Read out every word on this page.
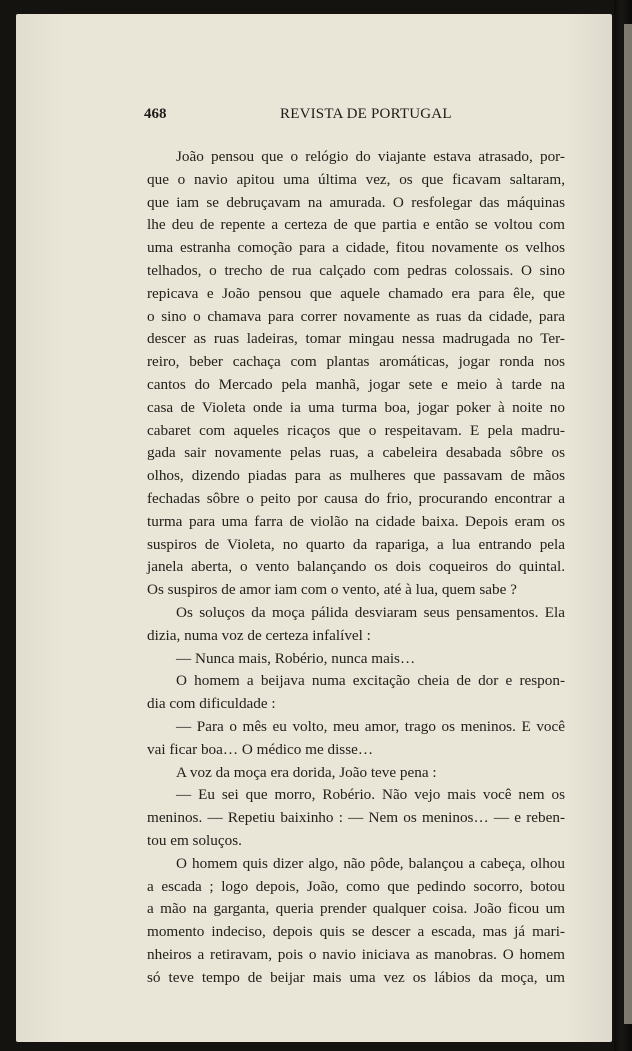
468	REVISTA DE PORTUGAL
João pensou que o relógio do viajante estava atrasado, por-
que o navio apitou uma última vez, os que ficavam saltaram,
que iam se debruçavam na amurada. O resfolegar das máquinas
lhe deu de repente a certeza de que partia e então se voltou com
uma estranha comoção para a cidade, fitou novamente os velhos
telhados, o trecho de rua calçado com pedras colossais. O sino
repicava e João pensou que aquele chamado era para êle, que
o sino o chamava para correr novamente as ruas da cidade, para
descer as ruas ladeiras, tomar mingau nessa madrugada no Ter-
reiro, beber cachaça com plantas aromáticas, jogar ronda nos
cantos do Mercado pela manhã, jogar sete e meio à tarde na
casa de Violeta onde ia uma turma boa, jogar poker à noite no
cabaret com aqueles ricaços que o respeitavam. E pela madru-
gada sair novamente pelas ruas, a cabeleira desabada sôbre os
olhos, dizendo piadas para as mulheres que passavam de mãos
fechadas sôbre o peito por causa do frio, procurando encontrar a
turma para uma farra de violão na cidade baixa. Depois eram os
suspiros de Violeta, no quarto da rapariga, a lua entrando pela
janela aberta, o vento balançando os dois coqueiros do quintal.
Os suspiros de amor iam com o vento, até à lua, quem sabe ?
Os soluços da moça pálida desviaram seus pensamentos. Ela
dizia, numa voz de certeza infalível :
— Nunca mais, Robério, nunca mais…
O homem a beijava numa excitação cheia de dor e respon-
dia com dificuldade :
— Para o mês eu volto, meu amor, trago os meninos. E você
vai ficar boa… O médico me disse…
A voz da moça era dorida, João teve pena :
— Eu sei que morro, Robério. Não vejo mais você nem os
meninos. — Repetiu baixinho : — Nem os meninos… — e reben-
tou em soluços.
O homem quis dizer algo, não pôde, balançou a cabeça, olhou
a escada ; logo depois, João, como que pedindo socorro, botou
a mão na garganta, queria prender qualquer coisa. João ficou um
momento indeciso, depois quis se descer a escada, mas já mari-
nheiros a retiravam, pois o navio iniciava as manobras. O homem
só teve tempo de beijar mais uma vez os lábios da moça, um
